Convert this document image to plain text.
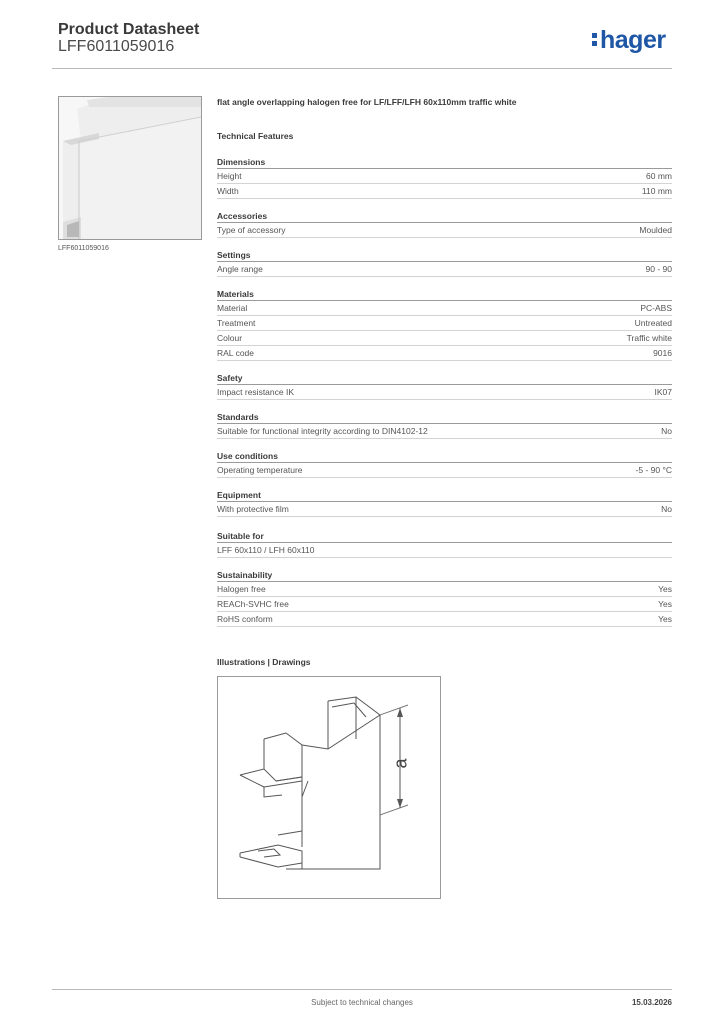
Product Datasheet
LFF6011059016	hager
LFF6011059016
flat angle overlapping halogen free for LF/LFF/LFH 60x110mm traffic white
Technical Features
Dimensions
Height	60 mm
Width	110 mm
Accessories
Type of accessory	Moulded
Settings
Angle range	90 - 90
Materials
Material	PC-ABS
Treatment	Untreated
Colour	Traffic white
RAL code	9016
Safety
Impact resistance IK	IK07
Standards
Suitable for functional integrity according to DIN4102-12	No
Use conditions
Operating temperature	-5 - 90 °C
Equipment
With protective film	No
Suitable for
LFF 60x110 / LFH 60x110
Sustainability
Halogen free	Yes
REACh-SVHC free	Yes
RoHS conform	Yes
Illustrations | Drawings
a
Subject to technical changes	15.03.2026
